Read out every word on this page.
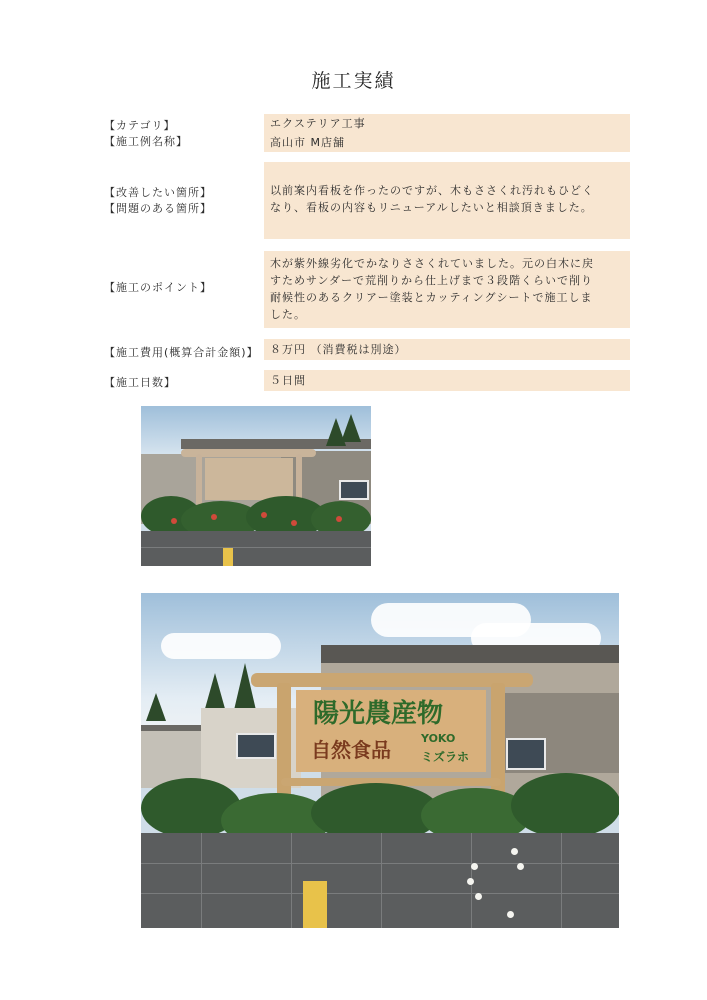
施工実績
【カテゴリ】	エクステリア工事
【施工例名称】	高山市 M店舗
【改善したい箇所】
【問題のある箇所】
以前案内看板を作ったのですが、木もささくれ汚れもひどく
なり、看板の内容もリニューアルしたいと相談頂きました。
【施工のポイント】
木が紫外線劣化でかなりささくれていました。元の白木に戻
すためサンダーで荒削りから仕上げまで３段階くらいで削り
耐候性のあるクリアー塗装とカッティングシートで施工しま
した。
【施工費用(概算合計金額)】	８万円 （消費税は別途）
【施工日数】	５日間
陽光農産物
自然食品	YOKO
ミズラホ
